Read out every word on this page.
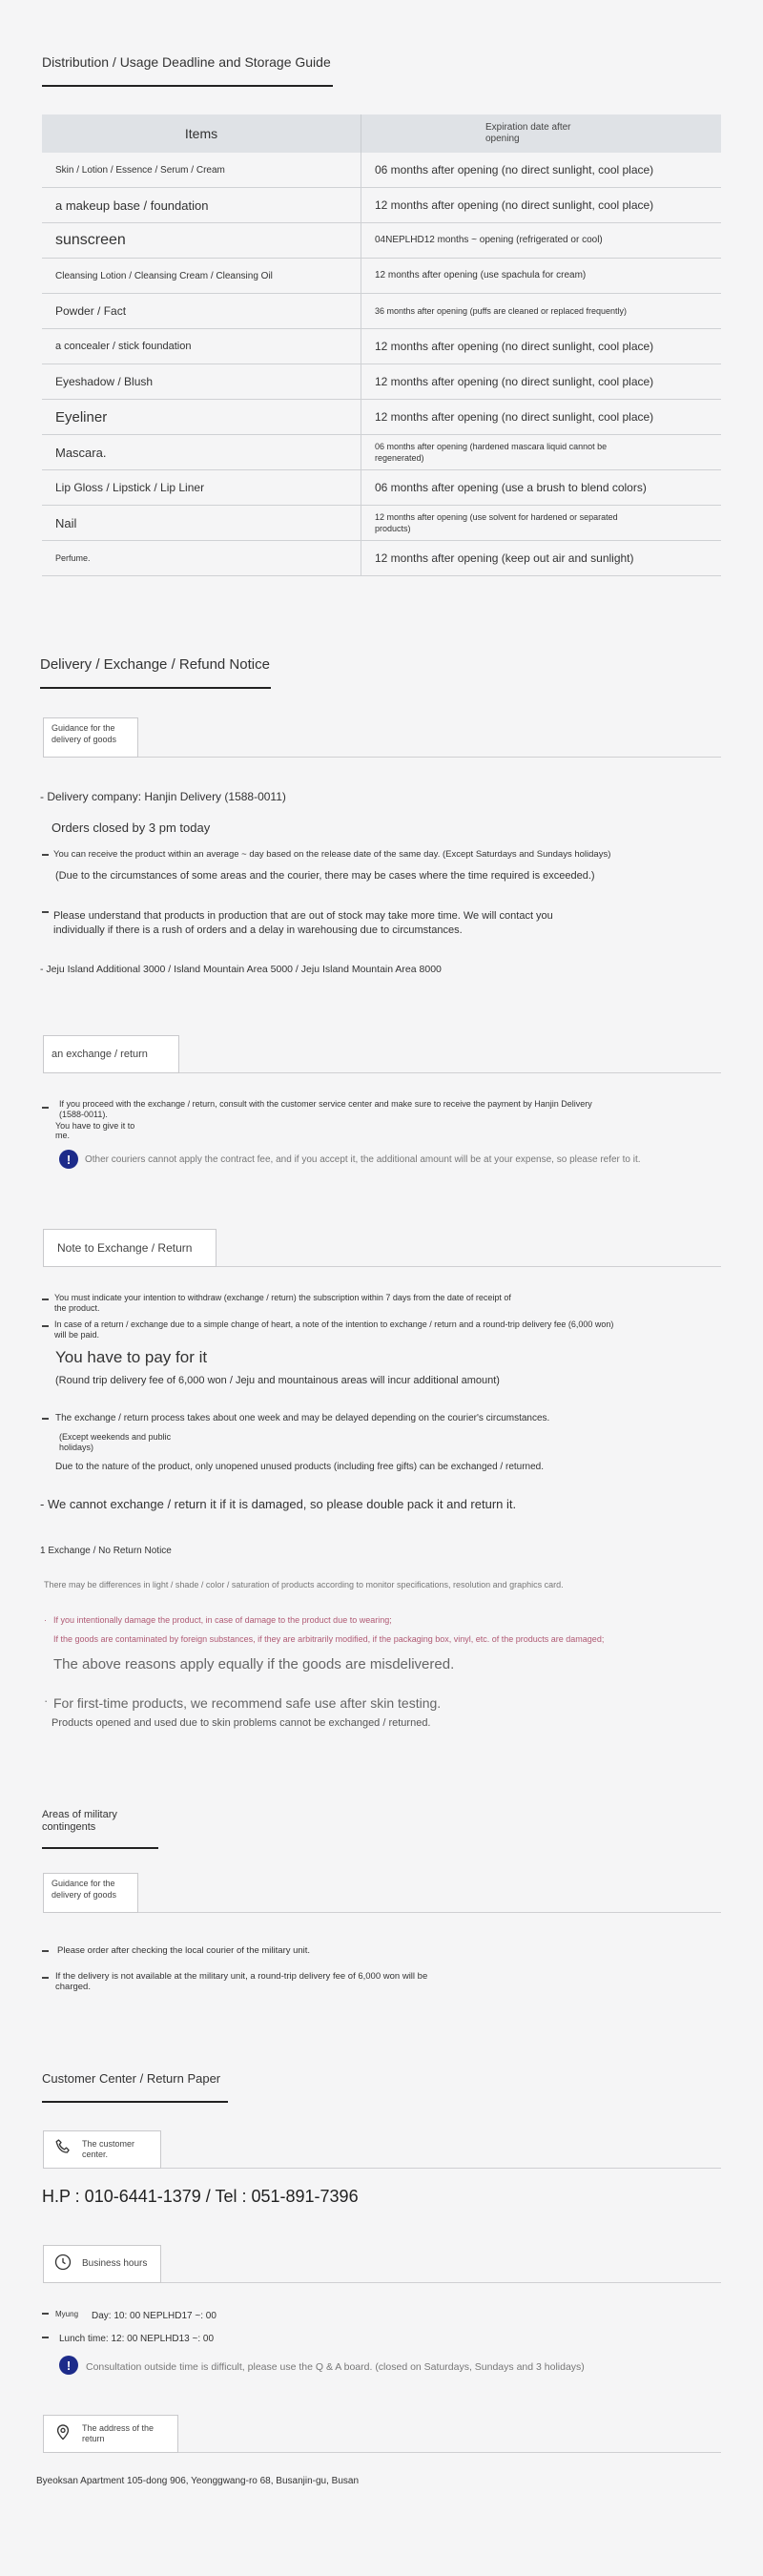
Distribution / Usage Deadline and Storage Guide
Items	Expiration date after opening
Skin / Lotion / Essence / Serum / Cream	06 months after opening (no direct sunlight, cool place)
a makeup base / foundation	12 months after opening (no direct sunlight, cool place)
sunscreen	04NEPLHD12 months ~ opening (refrigerated or cool)
Cleansing Lotion / Cleansing Cream / Cleansing Oil	12 months after opening (use spachula for cream)
Powder / Fact	36 months after opening (puffs are cleaned or replaced frequently)
a concealer / stick foundation	12 months after opening (no direct sunlight, cool place)
Eyeshadow / Blush	12 months after opening (no direct sunlight, cool place)
Eyeliner	12 months after opening (no direct sunlight, cool place)
Mascara.	06 months after opening (hardened mascara liquid cannot be regenerated)
Lip Gloss / Lipstick / Lip Liner	06 months after opening (use a brush to blend colors)
Nail	12 months after opening (use solvent for hardened or separated products)
Perfume.	12 months after opening (keep out air and sunlight)
Delivery / Exchange / Refund Notice
Guidance for the delivery of goods
- Delivery company: Hanjin Delivery (1588-0011)
Orders closed by 3 pm today
You can receive the product within an average ~ day based on the release date of the same day. (Except Saturdays and Sundays holidays)
(Due to the circumstances of some areas and the courier, there may be cases where the time required is exceeded.)
Please understand that products in production that are out of stock may take more time. We will contact you individually if there is a rush of orders and a delay in warehousing due to circumstances.
- Jeju Island Additional 3000 / Island Mountain Area 5000 / Jeju Island Mountain Area 8000
an exchange / return
If you proceed with the exchange / return, consult with the customer service center and make sure to receive the payment by Hanjin Delivery (1588-0011).
You have to give it to
me.
!	Other couriers cannot apply the contract fee, and if you accept it, the additional amount will be at your expense, so please refer to it.
Note to Exchange / Return
You must indicate your intention to withdraw (exchange / return) the subscription within 7 days from the date of receipt of the product.
In case of a return / exchange due to a simple change of heart, a note of the intention to exchange / return and a round-trip delivery fee (6,000 won) will be paid.
You have to pay for it
(Round trip delivery fee of 6,000 won / Jeju and mountainous areas will incur additional amount)
The exchange / return process takes about one week and may be delayed depending on the courier's circumstances.
(Except weekends and public holidays)
Due to the nature of the product, only unopened unused products (including free gifts) can be exchanged / returned.
- We cannot exchange / return it if it is damaged, so please double pack it and return it.
1 Exchange / No Return Notice
There may be differences in light / shade / color / saturation of products according to monitor specifications, resolution and graphics card.
· If you intentionally damage the product, in case of damage to the product due to wearing;
If the goods are contaminated by foreign substances, if they are arbitrarily modified, if the packaging box, vinyl, etc. of the products are damaged;
The above reasons apply equally if the goods are misdelivered.
· For first-time products, we recommend safe use after skin testing.
Products opened and used due to skin problems cannot be exchanged / returned.
Areas of military contingents
Guidance for the delivery of goods
Please order after checking the local courier of the military unit.
If the delivery is not available at the military unit, a round-trip delivery fee of 6,000 won will be charged.
Customer Center / Return Paper
The customer center.
H.P : 010-6441-1379 / Tel : 051-891-7396
Business hours
Myung Day: 10: 00 NEPLHD17 ~: 00
Lunch time: 12: 00 NEPLHD13 ~: 00
!	Consultation outside time is difficult, please use the Q & A board. (closed on Saturdays, Sundays and 3 holidays)
The address of the return
Byeoksan Apartment 105-dong 906, Yeonggwang-ro 68, Busanjin-gu, Busan
